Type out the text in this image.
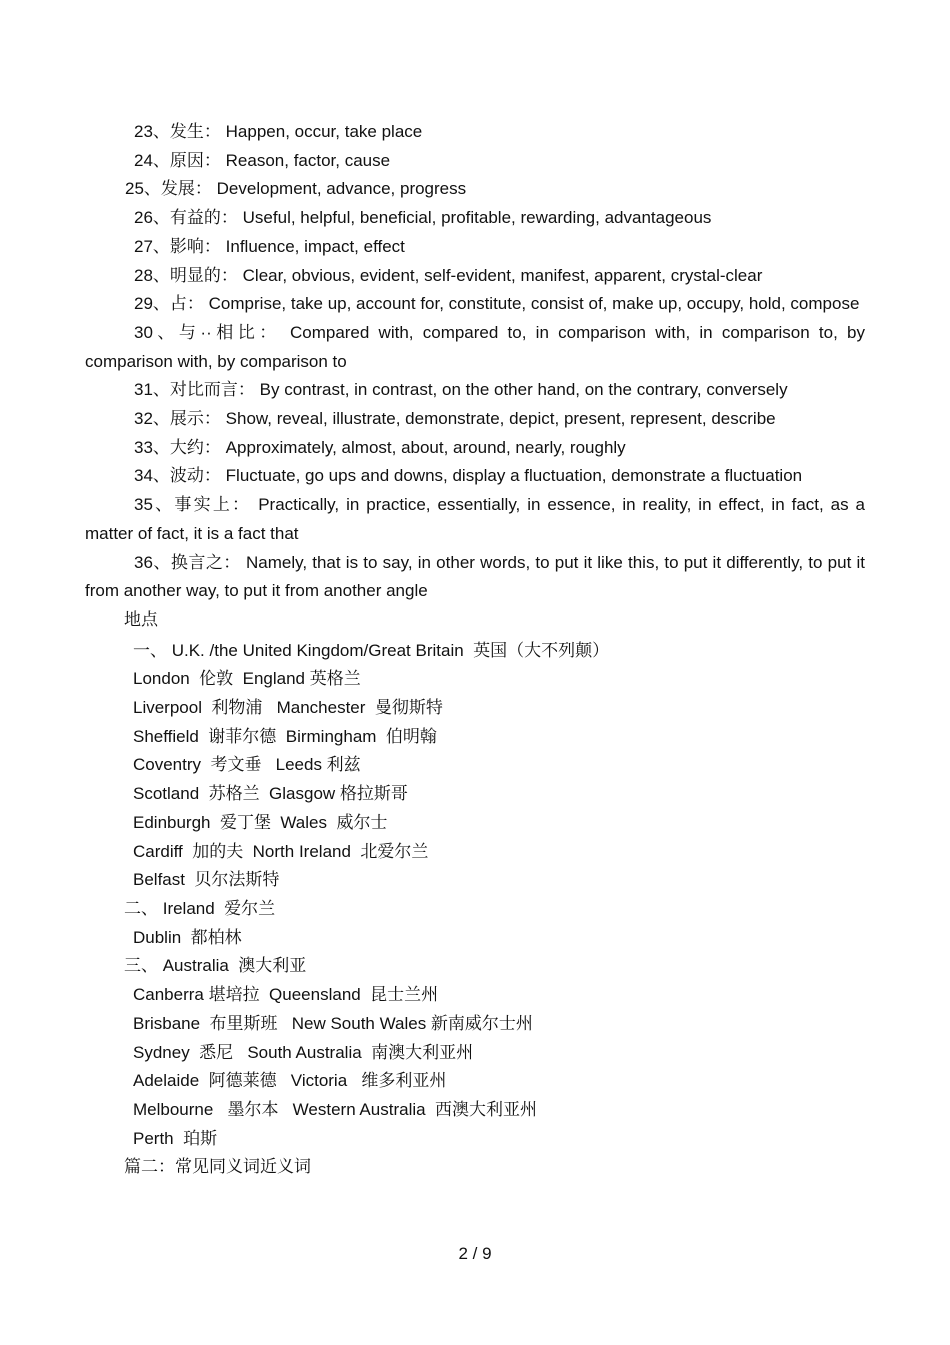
23、发生： Happen, occur, take place

24、原因： Reason, factor, cause

25、发展： Development, advance, progress

26、有益的： Useful, helpful, beneficial, profitable, rewarding, advantageous

27、影响： Influence, impact, effect

28、明显的： Clear, obvious, evident, self-evident, manifest, apparent, crystal-clear

29、占： Comprise, take up, account for, constitute, consist of, make up, occupy, hold, compose

30、与··相比： Compared with, compared to, in comparison with, in comparison to, by comparison with, by comparison to

31、对比而言： By contrast, in contrast, on the other hand, on the contrary, conversely

32、展示： Show, reveal, illustrate, demonstrate, depict, present, represent, describe

33、大约： Approximately, almost, about, around, nearly, roughly

34、波动： Fluctuate, go ups and downs, display a fluctuation, demonstrate a fluctuation

35、事实上： Practically, in practice, essentially, in essence, in reality, in effect, in fact, as a matter of fact, it is a fact that

36、换言之： Namely, that is to say, in other words, to put it like this, to put it differently, to put it from another way, to put it from another angle

地点

一、 U.K. /the United Kingdom/Great Britain  英国（大不列颠）

London  伦敦  England 英格兰

Liverpool  利物浦   Manchester  曼彻斯特

Sheffield  谢菲尔德  Birmingham  伯明翰

Coventry  考文垂   Leeds 利兹

Scotland  苏格兰  Glasgow 格拉斯哥

Edinburgh  爱丁堡  Wales  威尔士

Cardiff  加的夫  North Ireland  北爱尔兰

Belfast  贝尔法斯特

二、 Ireland  爱尔兰

Dublin  都柏林

三、 Australia  澳大利亚

Canberra 堪培拉  Queensland  昆士兰州

Brisbane  布里斯班   New South Wales 新南威尔士州

Sydney  悉尼   South Australia  南澳大利亚州

Adelaide  阿德莱德   Victoria   维多利亚州

Melbourne   墨尔本   Western Australia  西澳大利亚州

Perth  珀斯

篇二：常见同义词近义词

2 / 9
